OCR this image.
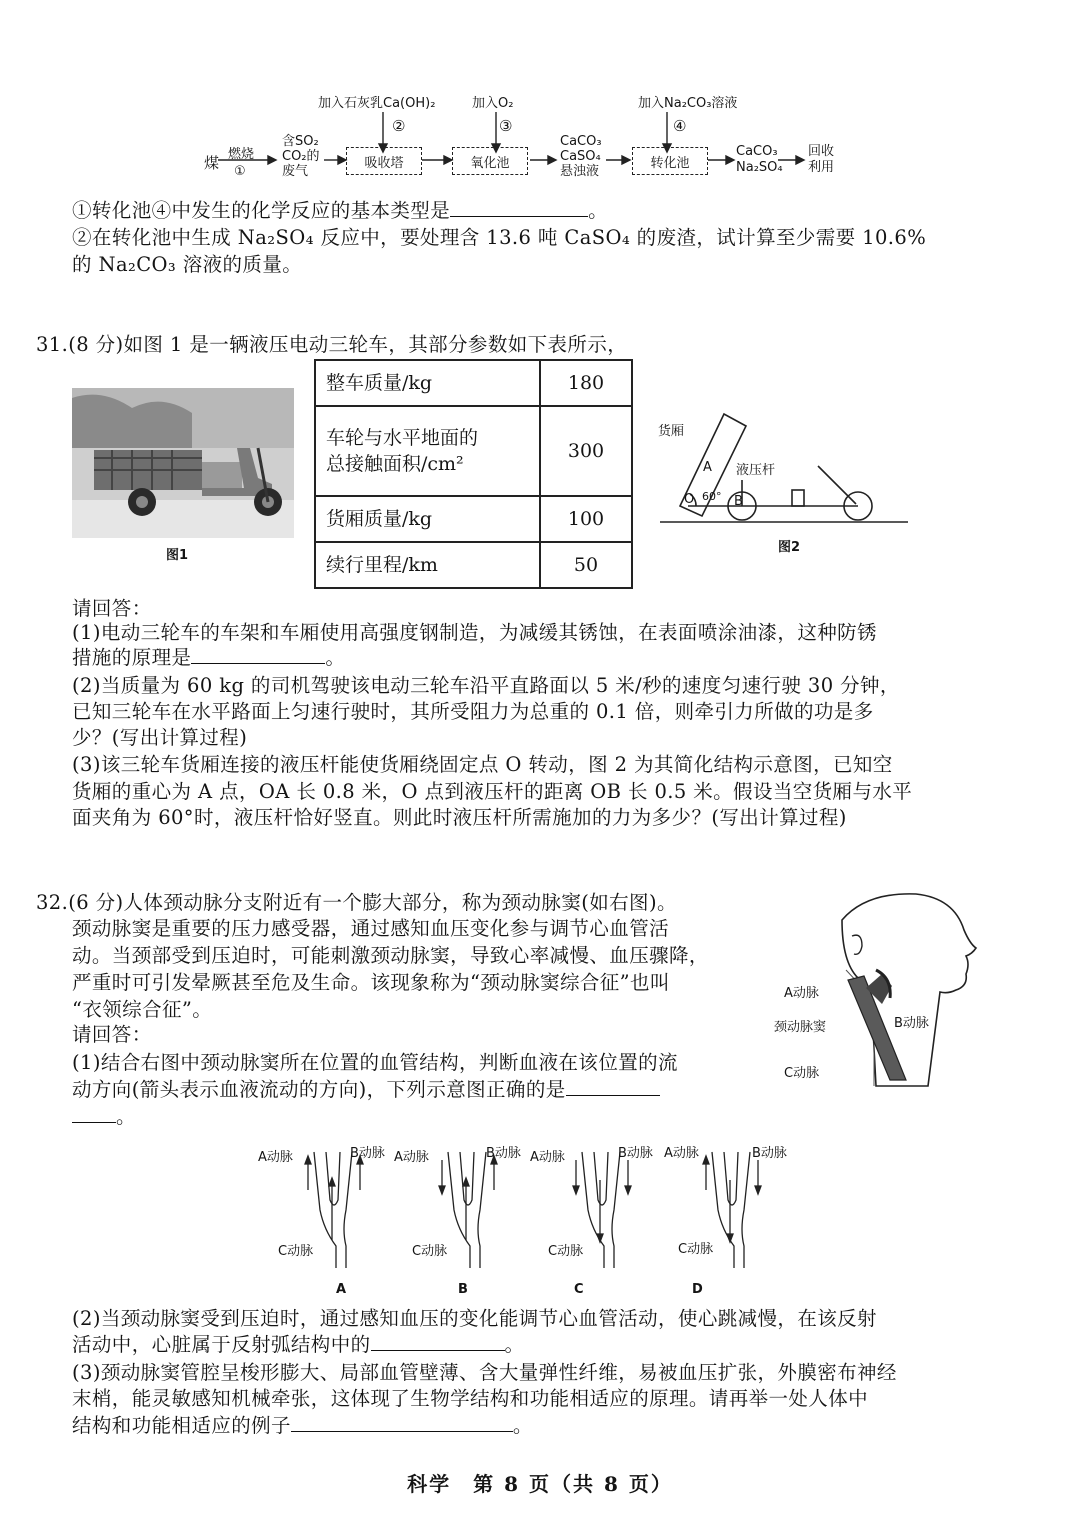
加入石灰乳Ca(OH)₂	加入O₂	加入Na₂CO₃溶液
②	③	④
煤 燃烧
①
含SO₂
CO₂的
废气
吸收塔	氧化池
CaCO₃
CaSO₄
悬浊液
转化池
CaCO₃
Na₂SO₄
回收
利用
①转化池④中发生的化学反应的基本类型是	。
②在转化池中生成 Na₂SO₄ 反应中，要处理含 13.6 吨 CaSO₄ 的废渣，试计算至少需要 10.6%
的 Na₂CO₃ 溶液的质量。
31.(8 分)如图 1 是一辆液压电动三轮车，其部分参数如下表所示，
图1
整车质量/kg	180

车轮与水平地面的
总接触面积/cm²	300
货厢质量/kg	100
续行里程/km	50
货厢
A 液压杆
O 60° B
图2
请回答：
(1)电动三轮车的车架和车厢使用高强度钢制造，为减缓其锈蚀，在表面喷涂油漆，这种防锈
措施的原理是	。
(2)当质量为 60 kg 的司机驾驶该电动三轮车沿平直路面以 5 米/秒的速度匀速行驶 30 分钟，
已知三轮车在水平路面上匀速行驶时，其所受阻力为总重的 0.1 倍，则牵引力所做的功是多
少？(写出计算过程)
(3)该三轮车货厢连接的液压杆能使货厢绕固定点 O 转动，图 2 为其简化结构示意图，已知空
货厢的重心为 A 点，OA 长 0.8 米，O 点到液压杆的距离 OB 长 0.5 米。假设当空货厢与水平
面夹角为 60°时，液压杆恰好竖直。则此时液压杆所需施加的力为多少？(写出计算过程)
32.(6 分)人体颈动脉分支附近有一个膨大部分，称为颈动脉窦(如右图)。
颈动脉窦是重要的压力感受器，通过感知血压变化参与调节心血管活
动。当颈部受到压迫时，可能刺激颈动脉窦，导致心率减慢、血压骤降，
严重时可引发晕厥甚至危及生命。该现象称为“颈动脉窦综合征”也叫
“衣领综合征”。
请回答：
(1)结合右图中颈动脉窦所在位置的血管结构，判断血液在该位置的流
动方向(箭头表示血液流动的方向)，下列示意图正确的是
。
A动脉
颈动脉窦	B动脉
C动脉
A动脉	B动脉
C动脉
A
A动脉	B动脉
C动脉
B
A动脉	B动脉
C动脉
C
A动脉	B动脉
C动脉
D
(2)当颈动脉窦受到压迫时，通过感知血压的变化能调节心血管活动，使心跳减慢，在该反射
活动中，心脏属于反射弧结构中的	。
(3)颈动脉窦管腔呈梭形膨大、局部血管壁薄、含大量弹性纤维，易被血压扩张，外膜密布神经
末梢，能灵敏感知机械牵张，这体现了生物学结构和功能相适应的原理。请再举一处人体中
结构和功能相适应的例子	。
科学　第 8 页（共 8 页）
